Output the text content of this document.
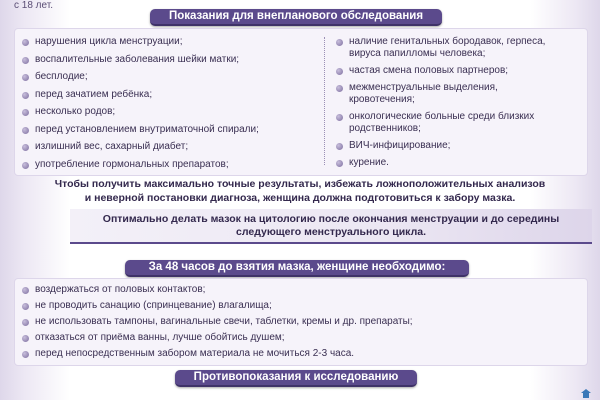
с 18 лет.
Показания для внепланового обследования
нарушения цикла менструации;
воспалительные заболевания шейки матки;
бесплодие;
перед зачатием ребёнка;
несколько родов;
перед установлением внутриматочной спирали;
излишний вес, сахарный диабет;
употребление гормональных препаратов;
наличие генитальных бородавок, герпеса,
вируса папилломы человека;
частая смена половых партнеров;
межменструальные выделения,
кровотечения;
онкологические больные среди близких
родственников;
ВИЧ-инфицирование;
курение.
Чтобы получить максимально точные результаты, избежать ложноположительных анализов
и неверной постановки диагноза, женщина должна подготовиться к забору мазка.
Оптимально делать мазок на цитологию после окончания менструации и до середины
следующего менструального цикла.
За 48 часов до взятия мазка, женщине необходимо:
воздержаться от половых контактов;
не проводить санацию (спринцевание) влагалища;
не использовать тампоны, вагинальные свечи, таблетки, кремы и др. препараты;
отказаться от приёма ванны, лучше обойтись душем;
перед непосредственным забором материала не мочиться 2-3 часа.
Противопоказания к исследованию
